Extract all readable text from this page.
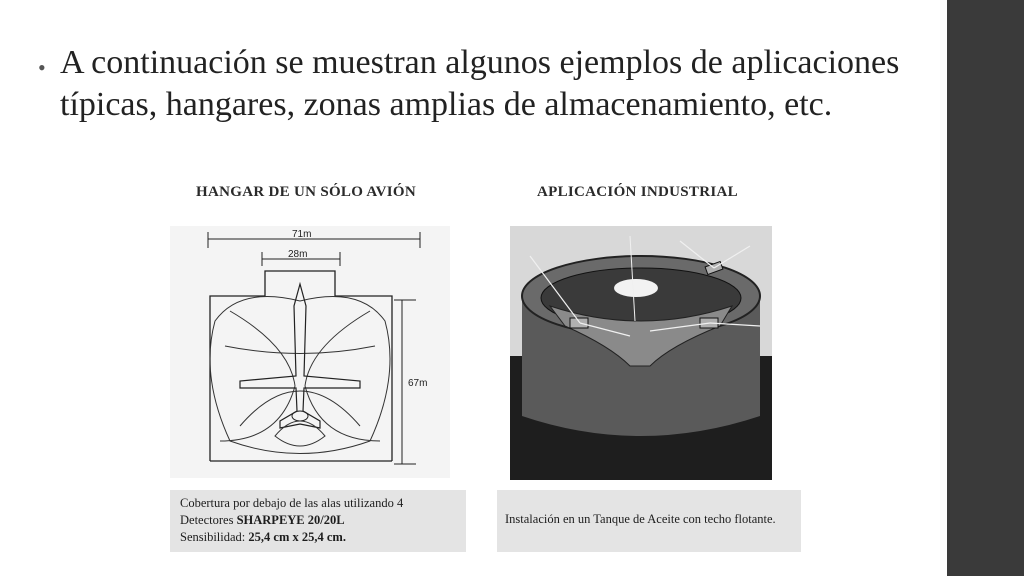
• A continuación se muestran algunos ejemplos de aplicaciones típicas, hangares, zonas amplias de almacenamiento, etc.
HANGAR DE UN SÓLO AVIÓN
71m
28m
67m
Cobertura por debajo de las alas utilizando 4
Detectores SHARPEYE 20/20L
Sensibilidad: 25,4 cm x 25,4 cm.
APLICACIÓN INDUSTRIAL
Instalación en un Tanque de Aceite con techo flotante.
